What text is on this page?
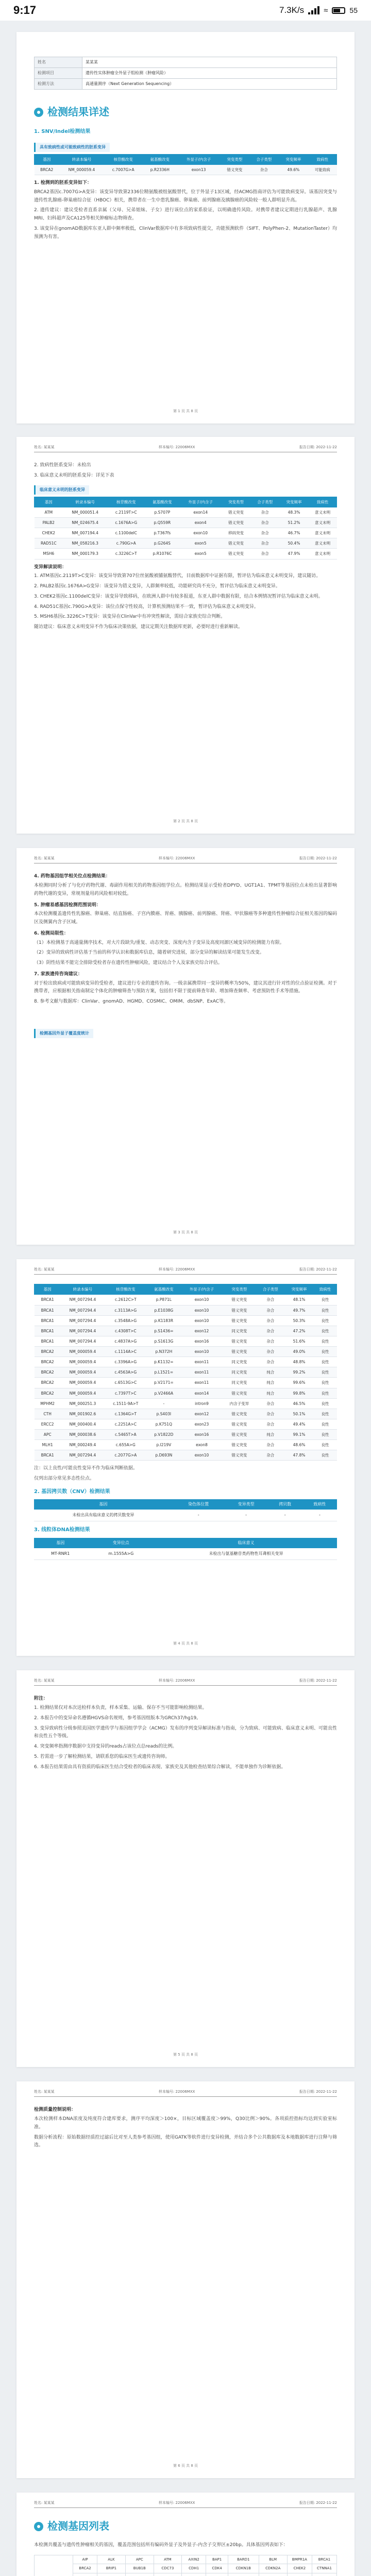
9:17	7.3K/s	≈	55
姓名	某某某
检测项目	遗传性实体肿瘤全外显子组检测（肿瘤风险）
检测方法	高通量测序（Next Generation Sequencing）
检测结果详述
1. SNV/Indel检测结果
具有致病性或可能致病性的胚系变异
基因	转录本编号	核苷酸改变	氨基酸改变	外显子/内含子	突变类型	合子类型	突变频率	致病性
BRCA2	NM_000059.4	c.7007G>A	p.R2336H	exon13	错义突变	杂合	49.6%	可能致病

1. 检测到的胚系变异如下：

BRCA2基因c.7007G>A变异：该变异导致第2336位精氨酸被组氨酸替代，位于外显子13区域，经ACMG指南评估为可能致病变异。该基因突变与遗传性乳腺癌-卵巢癌综合征（HBOC）相关，携带者在一生中患乳腺癌、卵巢癌、前列腺癌及胰腺癌的风险较一般人群明显升高。

2. 遗传建议：建议受检者直系亲属（父母、兄弟姐妹、子女）进行该位点的家系验证，以明确遗传风险。对携带者建议定期进行乳腺超声、乳腺MRI、妇科超声及CA125等相关肿瘤标志物筛查。

3. 该变异在gnomAD数据库东亚人群中频率极低，ClinVar数据库中有多项致病性提交，功能预测软件（SIFT、PolyPhen-2、MutationTaster）均预测为有害。

第 1 页 共 8 页
姓名: 某某某	样本编号: 22006MXX	报告日期: 2022-11-22

2. 致病性胚系变异：未检出

3. 临床意义未明的胚系变异：详见下表

临床意义未明的胚系变异
基因	转录本编号	核苷酸改变	氨基酸改变	外显子/内含子	突变类型	合子类型	突变频率	致病性
ATM	NM_000051.4	c.2119T>C	p.S707P	exon14	错义突变	杂合	48.3%	意义未明
PALB2	NM_024675.4	c.1676A>G	p.Q559R	exon4	错义突变	杂合	51.2%	意义未明
CHEK2	NM_007194.4	c.1100delC	p.T367fs	exon10	移码突变	杂合	46.7%	意义未明
RAD51C	NM_058216.3	c.790G>A	p.G264S	exon5	错义突变	杂合	50.4%	意义未明
MSH6	NM_000179.3	c.3226C>T	p.R1076C	exon5	错义突变	杂合	47.9%	意义未明

变异解读说明：

1. ATM基因c.2119T>C变异：该变异导致第707位丝氨酸被脯氨酸替代，目前数据库中证据有限，暂评估为临床意义未明变异，建议随访。

2. PALB2基因c.1676A>G变异：该变异为错义变异，人群频率较低，功能研究尚不充分，暂评估为临床意义未明变异。

3. CHEK2基因c.1100delC变异：该变异导致移码，在欧洲人群中有较多报道，东亚人群中数据有限，结合本例情况暂评估为临床意义未明。

4. RAD51C基因c.790G>A变异：该位点保守性较高，计算机预测结果不一致，暂评估为临床意义未明变异。

5. MSH6基因c.3226C>T变异：该变异在ClinVar中有冲突性解读，需结合家族史综合判断。

随访建议：临床意义未明变异不作为临床决策依据，建议定期关注数据库更新，必要时进行重新解读。

第 2 页 共 8 页
姓名: 某某某	样本编号: 22006MXX	报告日期: 2022-11-22

4. 药物基因组学相关位点检测结果：

本检测同时分析了与化疗药物代谢、毒副作用相关的药物基因组学位点。检测结果显示受检者DPYD、UGT1A1、TPMT等基因位点未检出显著影响药物代谢的变异，常规剂量用药风险相对较低。

5. 肿瘤易感基因检测范围说明：

本次检测覆盖遗传性乳腺癌、卵巢癌、结直肠癌、子宫内膜癌、胃癌、胰腺癌、前列腺癌、肾癌、甲状腺癌等多种遗传性肿瘤综合征相关基因的编码区及侧翼内含子区域。

6. 检测局限性：

（1）本检测基于高通量测序技术，对大片段缺失/重复、动态突变、深度内含子变异及高度同源区域变异的检测能力有限。

（2）变异的致病性评估基于当前的科学认识和数据库信息，随着研究进展，部分变异的解读结果可能发生改变。

（3）阴性结果不能完全排除受检者存在遗传性肿瘤风险，建议结合个人及家族史综合评估。

7. 家族遗传咨询建议：

对于检出致病或可能致病变异的受检者，建议进行专业的遗传咨询。一级亲属携带同一变异的概率为50%，建议其进行针对性的位点验证检测。对于携带者，应根据相关指南制定个体化的肿瘤筛查与预防方案，包括但不限于提前筛查年龄、增加筛查频率、考虑预防性手术等措施。

8. 参考文献与数据库：ClinVar、gnomAD、HGMD、COSMIC、OMIM、dbSNP、ExAC等。

检测基因外显子覆盖度统计
第 3 页 共 8 页
姓名: 某某某	样本编号: 22006MXX	报告日期: 2022-11-22
基因	转录本编号	核苷酸改变	氨基酸改变	外显子/内含子	突变类型	合子类型	突变频率	致病性
BRCA1	NM_007294.4	c.2612C>T	p.P871L	exon10	错义突变	杂合	48.1%	良性
BRCA1	NM_007294.4	c.3113A>G	p.E1038G	exon10	错义突变	杂合	49.7%	良性
BRCA1	NM_007294.4	c.3548A>G	p.K1183R	exon10	错义突变	杂合	50.3%	良性
BRCA1	NM_007294.4	c.4308T>C	p.S1436=	exon12	同义突变	杂合	47.2%	良性
BRCA1	NM_007294.4	c.4837A>G	p.S1613G	exon16	错义突变	杂合	51.6%	良性
BRCA2	NM_000059.4	c.1114A>C	p.N372H	exon10	错义突变	杂合	49.0%	良性
BRCA2	NM_000059.4	c.3396A>G	p.K1132=	exon11	同义突变	杂合	48.8%	良性
BRCA2	NM_000059.4	c.4563A>G	p.L1521=	exon11	同义突变	纯合	99.2%	良性
BRCA2	NM_000059.4	c.6513G>C	p.V2171=	exon11	同义突变	纯合	99.6%	良性
BRCA2	NM_000059.4	c.7397T>C	p.V2466A	exon14	错义突变	纯合	99.8%	良性
MPHM2	NM_000251.3	c.1511-9A>T	-	intron9	内含子变异	杂合	46.5%	良性
CTH	NM_001902.6	c.1364G>T	p.S403I	exon12	错义突变	杂合	50.1%	良性
ERCC2	NM_000400.4	c.2251A>C	p.K751Q	exon23	错义突变	杂合	49.4%	良性
APC	NM_000038.6	c.5465T>A	p.V1822D	exon16	错义突变	纯合	99.1%	良性
MLH1	NM_000249.4	c.655A>G	p.I219V	exon8	错义突变	杂合	48.6%	良性
BRCA1	NM_007294.4	c.2077G>A	p.D693N	exon10	错义突变	杂合	47.8%	良性

注：以上良性/可能良性变异不作为临床判断依据。

仅列出部分常见多态性位点。

2. 基因拷贝数（CNV）检测结果
基因	染色体位置	变异类型	拷贝数	致病性
未检出具有临床意义的拷贝数变异	-	-	-	-
3. 线粒体DNA检测结果
基因	变异位点	临床意义
MT-RNR1	m.1555A>G	未检出与氨基糖苷类药物性耳聋相关变异
第 4 页 共 8 页
姓名: 某某某	样本编号: 22006MXX	报告日期: 2022-11-22

附注：

1. 检测结果仅对本次送检样本负责，样本采集、运输、保存不当可能影响检测结果。

2. 本报告中的变异命名遵循HGVS命名规则，参考基因组版本为GRCh37/hg19。

3. 变异致病性分级参照美国医学遗传学与基因组学学会（ACMG）发布的序列变异解读标准与指南，分为致病、可能致病、临床意义未明、可能良性和良性五个等级。

4. 突变频率指测序数据中支持变异的reads占该位点总reads的比例。

5. 若需进一步了解检测结果，请联系您的临床医生或遗传咨询师。

6. 本报告结果需由具有资质的临床医生结合受检者的临床表现、家族史及其他检查结果综合解读，不能单独作为诊断依据。

第 5 页 共 8 页
姓名: 某某某	样本编号: 22006MXX	报告日期: 2022-11-22

检测质量控制说明：

本次检测样本DNA浓度及纯度符合建库要求，测序平均深度＞100×，目标区域覆盖度＞99%，Q30比例＞90%。各项质控指标均达到实验室标准。

数据分析流程：原始数据经质控过滤后比对至人类参考基因组，使用GATK等软件进行变异检测，并结合多个公共数据库及本地数据库进行注释与筛选。

第 6 页 共 8 页
姓名: 某某某	样本编号: 22006MXX	报告日期: 2022-11-22
检测基因列表

本检测共覆盖与遗传性肿瘤相关的基因，覆盖范围包括所有编码外显子及外显子-内含子交界区±20bp。具体基因列表如下：

	AIP	ALK	APC	ATM	AXIN2	BAP1	BARD1	BLM	BMPR1A	BRCA1
	BRCA2	BRIP1	BUB1B	CDC73	CDH1	CDK4	CDKN1B	CDKN2A	CHEK2	CTNNA1
